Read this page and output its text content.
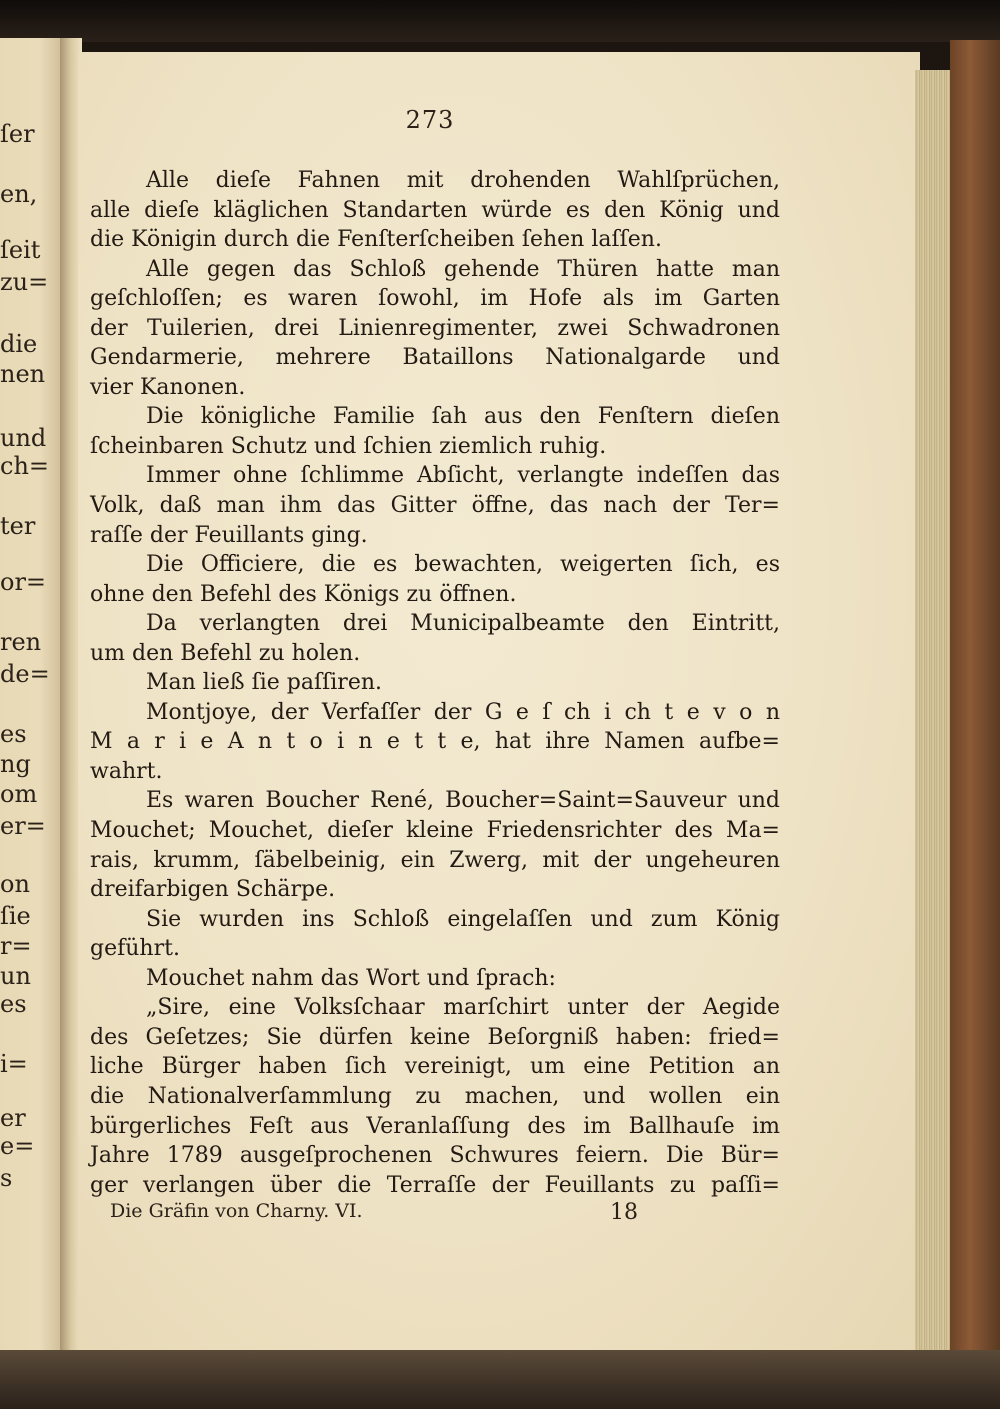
ſer
en,
ſeit
zu=
die
nen
und
ch=
ter
or=
ren
de=
es
ng
om
er=
on
ſie
r=
un
es
i=
er
e=
s
273
Alle dieſe Fahnen mit drohenden Wahlſprüchen,
alle dieſe kläglichen Standarten würde es den König und
die Königin durch die Fenſterſcheiben ſehen laſſen.
Alle gegen das Schloß gehende Thüren hatte man
geſchloſſen; es waren ſowohl, im Hofe als im Garten
der Tuilerien, drei Linienregimenter, zwei Schwadronen
Gendarmerie, mehrere Bataillons Nationalgarde und
vier Kanonen.
Die königliche Familie ſah aus den Fenſtern dieſen
ſcheinbaren Schutz und ſchien ziemlich ruhig.
Immer ohne ſchlimme Abſicht, verlangte indeſſen das
Volk, daß man ihm das Gitter öffne, das nach der Ter=
raſſe der Feuillants ging.
Die Officiere, die es bewachten, weigerten ſich, es
ohne den Befehl des Königs zu öffnen.
Da verlangten drei Municipalbeamte den Eintritt,
um den Befehl zu holen.
Man ließ ſie paſſiren.
Montjoye, der Verfaſſer der G e ſ ch i ch t e v o n
M a r i e A n t o i n e t t e, hat ihre Namen aufbe=
wahrt.
Es waren Boucher René, Boucher=Saint=Sauveur und
Mouchet; Mouchet, dieſer kleine Friedensrichter des Ma=
rais, krumm, ſäbelbeinig, ein Zwerg, mit der ungeheuren
dreifarbigen Schärpe.
Sie wurden ins Schloß eingelaſſen und zum König
geführt.
Mouchet nahm das Wort und ſprach:
„Sire, eine Volksſchaar marſchirt unter der Aegide
des Geſetzes; Sie dürfen keine Beſorgniß haben: fried=
liche Bürger haben ſich vereinigt, um eine Petition an
die Nationalverſammlung zu machen, und wollen ein
bürgerliches Feſt aus Veranlaſſung des im Ballhauſe im
Jahre 1789 ausgeſprochenen Schwures feiern. Die Bür=
ger verlangen über die Terraſſe der Feuillants zu paſſi=
Die Gräfin von Charny. VI.	18
